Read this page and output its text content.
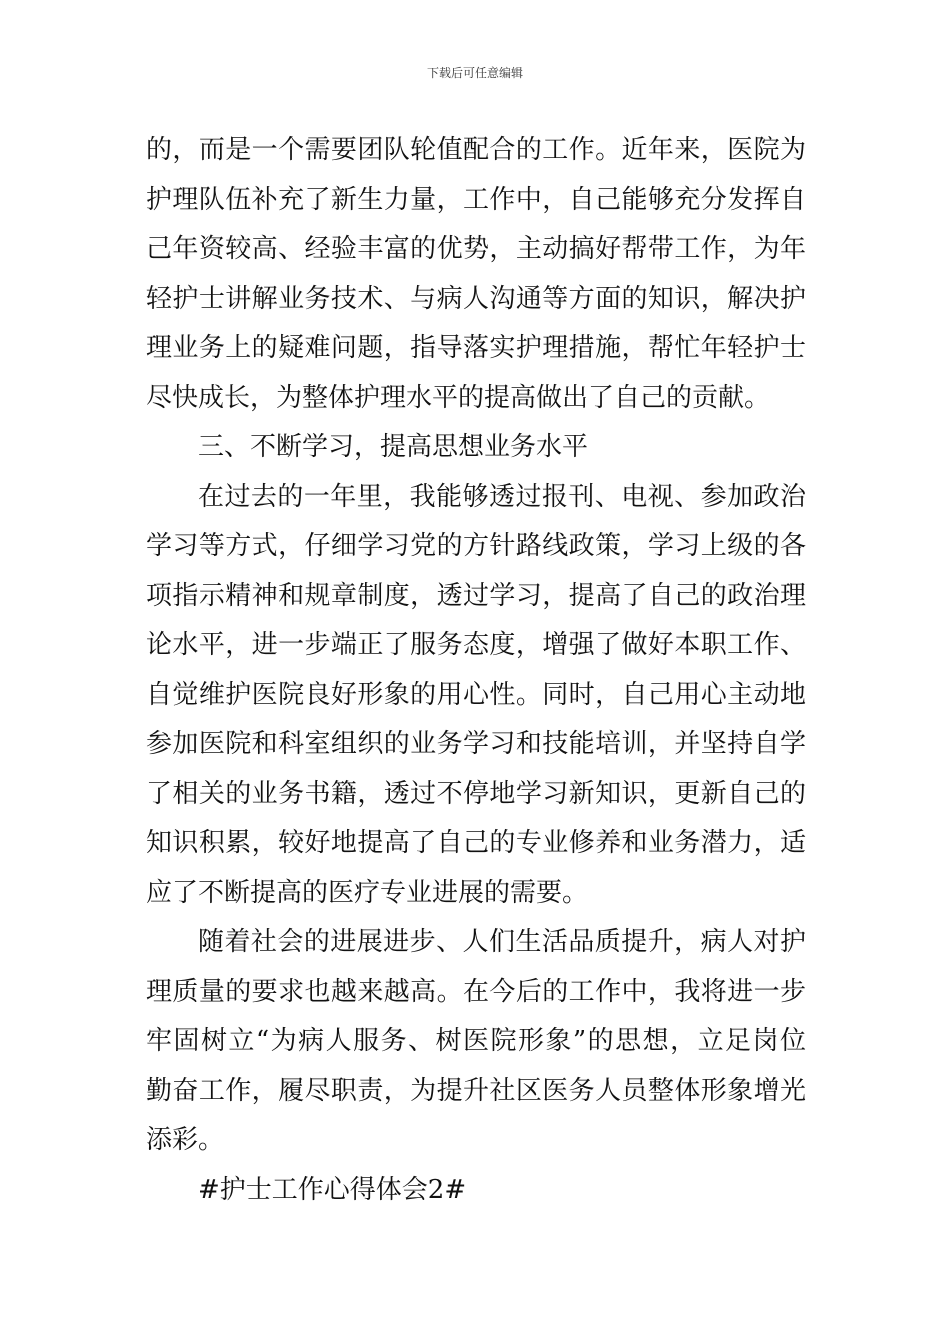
下载后可任意编辑
的，而是一个需要团队轮值配合的工作。近年来，医院为
护理队伍补充了新生力量，工作中，自己能够充分发挥自
己年资较高、经验丰富的优势，主动搞好帮带工作，为年
轻护士讲解业务技术、与病人沟通等方面的知识，解决护
理业务上的疑难问题，指导落实护理措施，帮忙年轻护士
尽快成长，为整体护理水平的提高做出了自己的贡献。
三、不断学习，提高思想业务水平
在过去的一年里，我能够透过报刊、电视、参加政治
学习等方式，仔细学习党的方针路线政策，学习上级的各
项指示精神和规章制度，透过学习，提高了自己的政治理
论水平，进一步端正了服务态度，增强了做好本职工作、
自觉维护医院良好形象的用心性。同时，自己用心主动地
参加医院和科室组织的业务学习和技能培训，并坚持自学
了相关的业务书籍，透过不停地学习新知识，更新自己的
知识积累，较好地提高了自己的专业修养和业务潜力，适
应了不断提高的医疗专业进展的需要。
随着社会的进展进步、人们生活品质提升，病人对护
理质量的要求也越来越高。在今后的工作中，我将进一步
牢固树立“为病人服务、树医院形象”的思想，立足岗位
勤奋工作，履尽职责，为提升社区医务人员整体形象增光
添彩。
#护士工作心得体会2#
